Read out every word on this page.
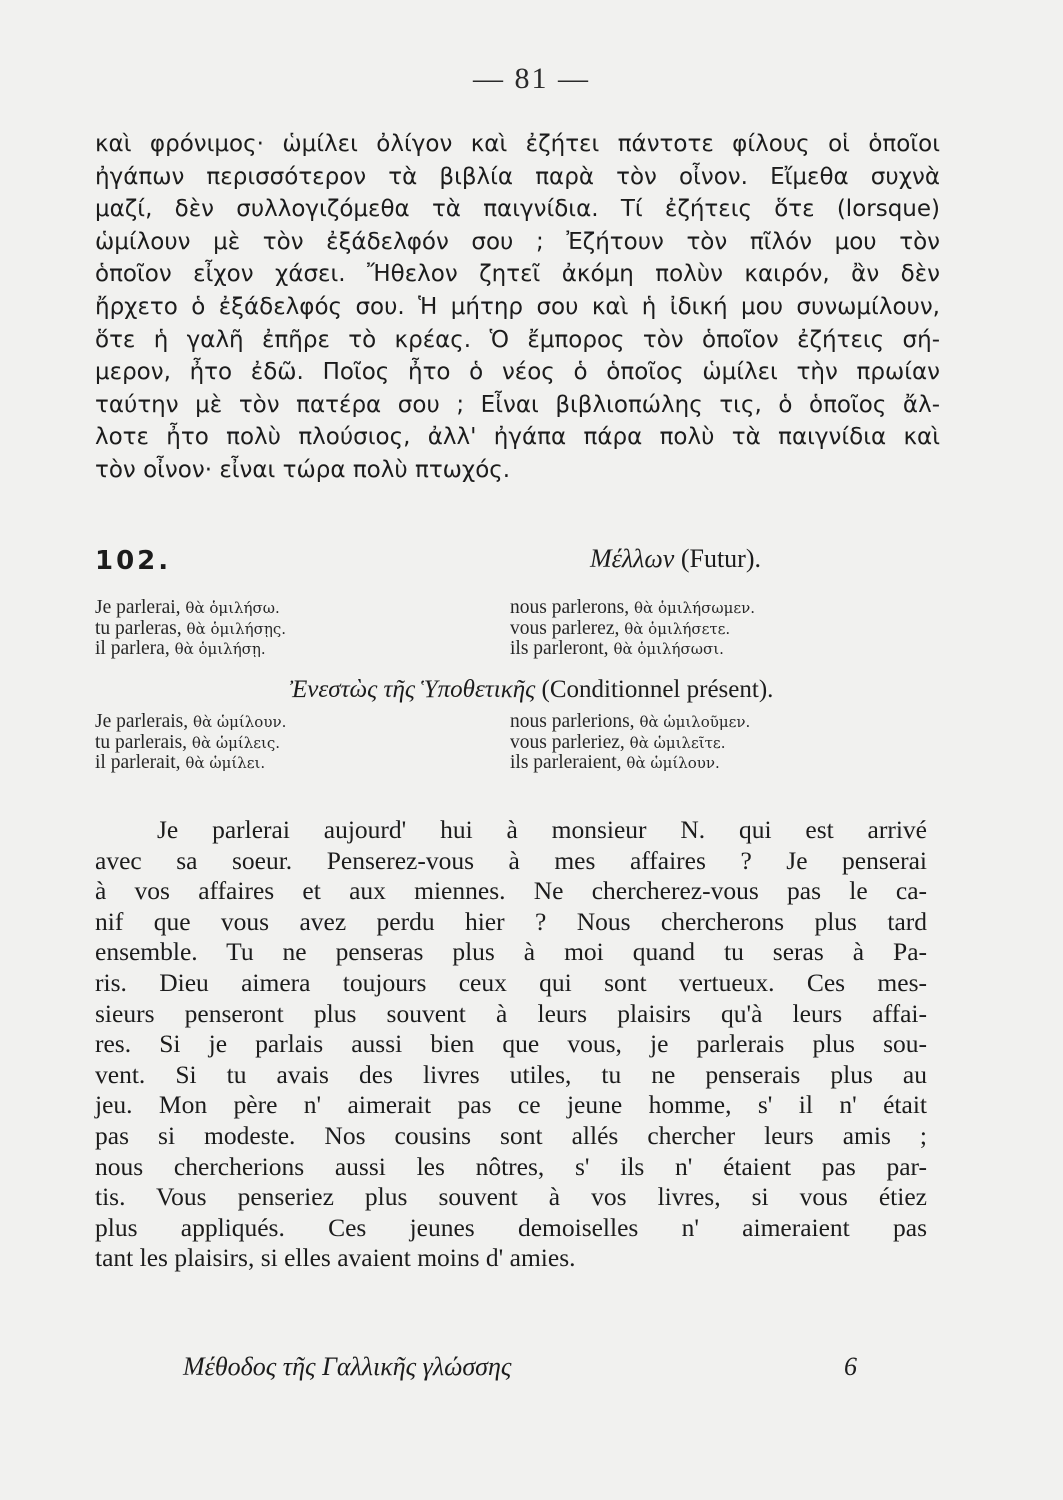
— 81 —
καὶ φρόνιμος· ὡμίλει ὀλίγον καὶ ἐζήτει πάντοτε φίλους οἱ ὁποῖοι
ἠγάπων περισσότερον τὰ βιβλία παρὰ τὸν οἶνον. Εἴμεθα συχνὰ
μαζί, δὲν συλλογιζόμεθα τὰ παιγνίδια. Τί ἐζήτεις ὅτε (lorsque)
ὡμίλουν μὲ τὸν ἐξάδελφόν σου ; Ἐζήτουν τὸν πῖλόν μου τὸν
ὁποῖον εἶχον χάσει. Ἤθελον ζητεῖ ἀκόμη πολὺν καιρόν, ἂν δὲν
ἤρχετο ὁ ἐξάδελφός σου. Ἡ μήτηρ σου καὶ ἡ ἰδική μου συνωμίλουν,
ὅτε ἡ γαλῆ ἐπῆρε τὸ κρέας. Ὁ ἔμπορος τὸν ὁποῖον ἐζήτεις σή-
μερον, ἦτο ἐδῶ. Ποῖος ἦτο ὁ νέος ὁ ὁποῖος ὡμίλει τὴν πρωίαν
ταύτην μὲ τὸν πατέρα σου ; Εἶναι βιβλιοπώλης τις, ὁ ὁποῖος ἄλ-
λοτε ἦτο πολὺ πλούσιος, ἀλλ' ἠγάπα πάρα πολὺ τὰ παιγνίδια καὶ
τὸν οἶνον· εἶναι τώρα πολὺ πτωχός.
102.	Μέλλων (Futur).
Je parlerai, θὰ ὁμιλήσω.
tu parleras, θὰ ὁμιλήσῃς.
il parlera, θὰ ὁμιλήσῃ.
nous parlerons, θὰ ὁμιλήσωμεν.
vous parlerez, θὰ ὁμιλήσετε.
ils parleront, θὰ ὁμιλήσωσι.
Ἐνεστὼς τῆς Ὑποθετικῆς (Conditionnel présent).
Je parlerais, θὰ ὡμίλουν.
tu parlerais, θὰ ὡμίλεις.
il parlerait, θὰ ὡμίλει.
nous parlerions, θὰ ὡμιλοῦμεν.
vous parleriez, θὰ ὡμιλεῖτε.
ils parleraient, θὰ ὡμίλουν.
Je parlerai aujourd' hui à monsieur N. qui est arrivé
avec sa soeur. Penserez-vous à mes affaires ? Je penserai
à vos affaires et aux miennes. Ne chercherez-vous pas le ca-
nif que vous avez perdu hier ? Nous chercherons plus tard
ensemble. Tu ne penseras plus à moi quand tu seras à Pa-
ris. Dieu aimera toujours ceux qui sont vertueux. Ces mes-
sieurs penseront plus souvent à leurs plaisirs qu'à leurs affai-
res. Si je parlais aussi bien que vous, je parlerais plus sou-
vent. Si tu avais des livres utiles, tu ne penserais plus au
jeu. Mon père n' aimerait pas ce jeune homme, s' il n' était
pas si modeste. Nos cousins sont allés chercher leurs amis ;
nous chercherions aussi les nôtres, s' ils n' étaient pas par-
tis. Vous penseriez plus souvent à vos livres, si vous étiez
plus appliqués. Ces jeunes demoiselles n' aimeraient pas
tant les plaisirs, si elles avaient moins d' amies.
Μέθοδος τῆς Γαλλικῆς γλώσσης	6
